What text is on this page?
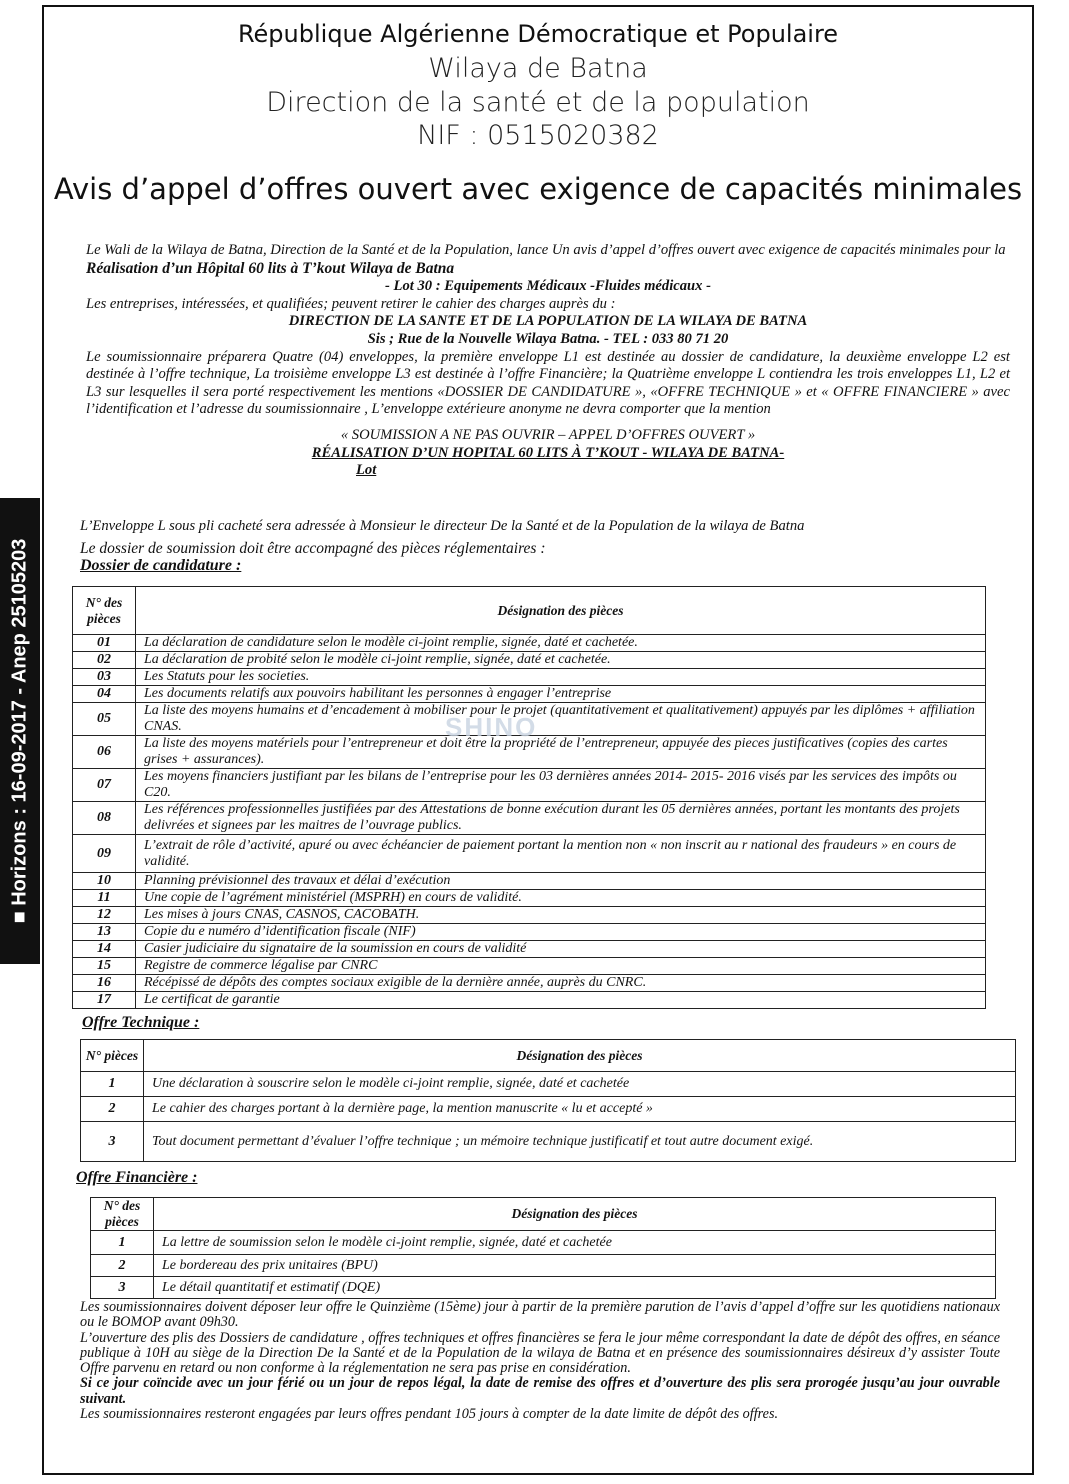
■ Horizons : 16-09-2017 - Anep 25105203
République Algérienne Démocratique et Populaire
Wilaya de Batna
Direction de la santé et de la population
NIF : 0515020382
Avis d’appel d’offres ouvert avec exigence de capacités minimales

Le Wali de la Wilaya de Batna, Direction de la Santé et de la Population, lance Un avis d’appel d’offres ouvert avec exigence de capacités minimales pour la Réalisation d’un Hôpital 60 lits à T’kout Wilaya de Batna

- Lot 30 : Equipements Médicaux -Fluides médicaux -

Les entreprises, intéressées, et qualifiées; peuvent retirer le cahier des charges auprès du :

DIRECTION DE LA SANTE ET DE LA POPULATION DE LA WILAYA DE BATNA

Sis ; Rue de la Nouvelle Wilaya Batna. - TEL : 033 80 71 20

Le soumissionnaire préparera Quatre (04) enveloppes, la première enveloppe L1 est destinée au dossier de candidature, la deuxième enveloppe L2 est destinée à l’offre technique, La troisième enveloppe L3 est destinée à l’offre Financière; la Quatrième enveloppe L contiendra les trois enveloppes L1, L2 et L3 sur lesquelles il sera porté respectivement les mentions «DOSSIER DE CANDIDATURE », «OFFRE TECHNIQUE » et « OFFRE FINANCIERE » avec l’identification et l’adresse du soumissionnaire , L’enveloppe extérieure anonyme ne devra comporter que la mention

« SOUMISSION A NE PAS OUVRIR – APPEL D’OFFRES OUVERT »

RÉALISATION D’UN HOPITAL 60 LITS À T’KOUT - WILAYA DE BATNA-

Lot

L’Enveloppe L sous pli cacheté sera adressée à Monsieur le directeur De la Santé et de la Population de la wilaya de Batna

Le dossier de soumission doit être accompagné des pièces réglementaires :

Dossier de candidature :

N° des pièces	Désignation des pièces
01	La déclaration de candidature selon le modèle ci-joint remplie, signée, daté et cachetée.
02	La déclaration de probité selon le modèle ci-joint remplie, signée, daté et cachetée.
03	Les Statuts pour les societies.
04	Les documents relatifs aux pouvoirs habilitant les personnes à engager l’entreprise
05	La liste des moyens humains et d’encadement à mobiliser pour le projet (quantitativement et qualitativement) appuyés par les diplômes + affiliation CNAS.
06	La liste des moyens matériels pour l’entrepreneur et doit être la propriété de l’entrepreneur, appuyée des pieces justificatives (copies des cartes grises + assurances).
07	Les moyens financiers justifiant par les bilans de l’entreprise pour les 03 dernières années 2014- 2015- 2016 visés par les services des impôts ou C20.
08	Les références professionnelles justifiées par des Attestations de bonne exécution durant les 05 dernières années, portant les montants des projets delivrées et signees par les maitres de l’ouvrage publics.
09	L’extrait de rôle d’activité, apuré ou avec échéancier de paiement portant la mention non « non inscrit au r national des fraudeurs » en cours de validité.
10	Planning prévisionnel des travaux et délai d’exécution
11	Une copie de l’agrément ministériel (MSPRH) en cours de validité.
12	Les mises à jours CNAS, CASNOS, CACOBATH.
13	Copie du e numéro d’identification fiscale (NIF)
14	Casier judiciaire du signataire de la soumission en cours de validité
15	Registre de commerce légalise par CNRC
16	Récépissé de dépôts des comptes sociaux exigible de la dernière année, auprès du CNRC.
17	Le certificat de garantie

Offre Technique :

N° pièces	Désignation des pièces
1	Une déclaration à souscrire selon le modèle ci-joint remplie, signée, daté et cachetée
2	Le cahier des charges portant à la dernière page, la mention manuscrite « lu et accepté »
3	Tout document permettant d’évaluer l’offre technique ; un mémoire technique justificatif et tout autre document exigé.

Offre Financière :

N° des pièces	Désignation des pièces
1	La lettre de soumission selon le modèle ci-joint remplie, signée, daté et cachetée
2	Le bordereau des prix unitaires (BPU)
3	Le détail quantitatif et estimatif (DQE)

Les soumissionnaires doivent déposer leur offre le Quinzième (15ème) jour à partir de la première parution de l’avis d’appel d’offre sur les quotidiens nationaux ou le BOMOP avant 09h30.

L’ouverture des plis des Dossiers de candidature , offres techniques et offres financières se fera le jour même correspondant la date de dépôt des offres, en séance publique à 10H au siège de la Direction De la Santé et de la Population de la wilaya de Batna et en présence des soumissionnaires désireux d’y assister Toute Offre parvenu en retard ou non conforme à la réglementation ne sera pas prise en considération.

Si ce jour coïncide avec un jour férié ou un jour de repos légal, la date de remise des offres et d’ouverture des plis sera prorogée jusqu’au jour ouvrable suivant.

Les soumissionnaires resteront engagées par leurs offres pendant 105 jours à compter de la date limite de dépôt des offres.

SHINO
